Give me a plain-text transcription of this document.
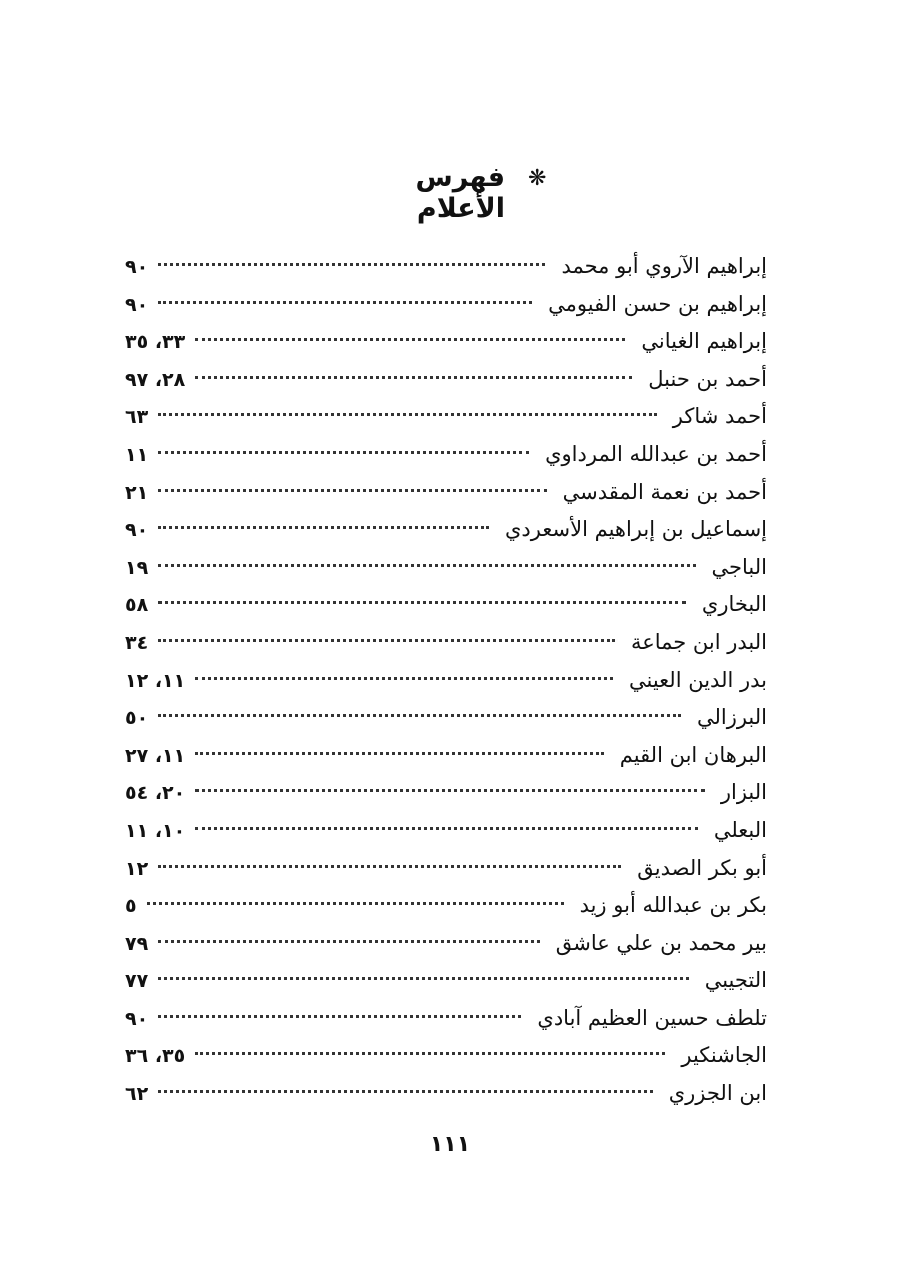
❋
فهرس الأعلام
إبراهيم الآروي أبو محمد
٩٠
إبراهيم بن حسن الفيومي
٩٠
إبراهيم الغياني
٣٣، ٣٥
أحمد بن حنبل
٢٨، ٩٧
أحمد شاكر
٦٣
أحمد بن عبدالله المرداوي
١١
أحمد بن نعمة المقدسي
٢١
إسماعيل بن إبراهيم الأسعردي
٩٠
الباجي
١٩
البخاري
٥٨
البدر ابن جماعة
٣٤
بدر الدين العيني
١١، ١٢
البرزالي
٥٠
البرهان ابن القيم
١١، ٢٧
البزار
٢٠، ٥٤
البعلي
١٠، ١١
أبو بكر الصديق
١٢
بكر بن عبدالله أبو زيد
٥
بير محمد بن علي عاشق
٧٩
التجيبي
٧٧
تلطف حسين العظيم آبادي
٩٠
الجاشنكير
٣٥، ٣٦
ابن الجزري
٦٢
١١١
